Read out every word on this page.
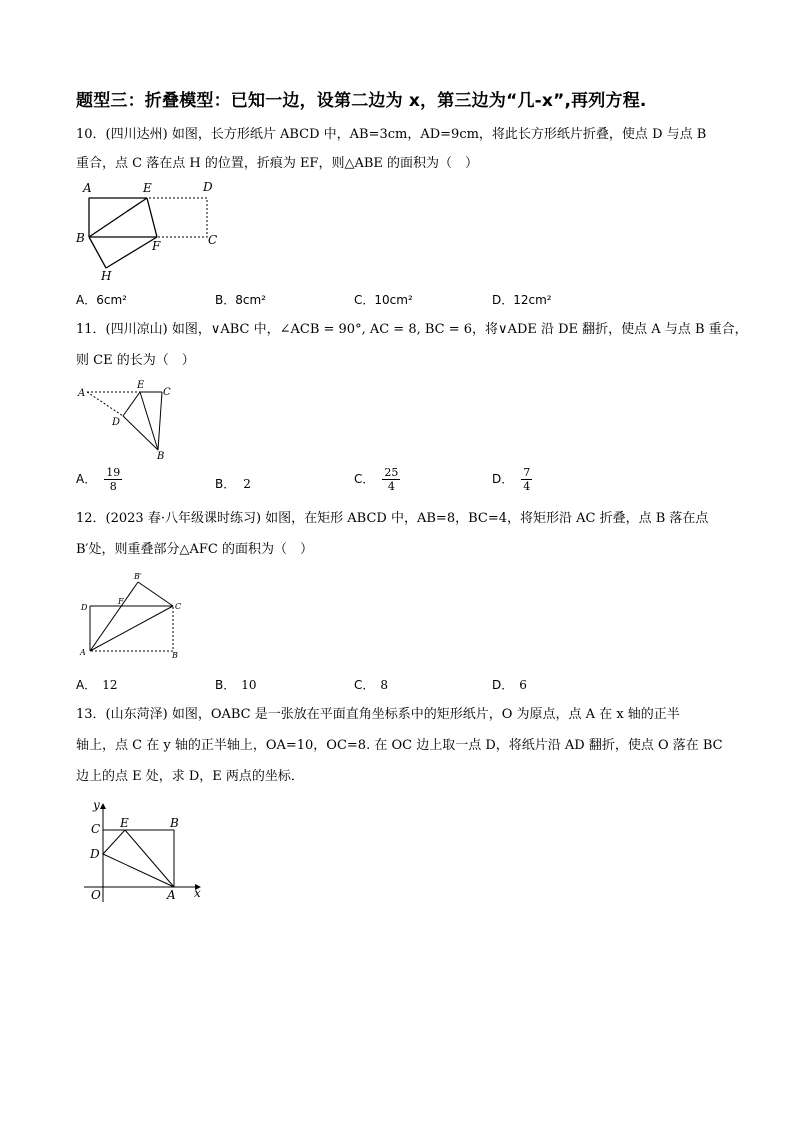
题型三：折叠模型：已知一边，设第二边为 x，第三边为“几-x”,再列方程.
10．(四川达州) 如图，长方形纸片 ABCD 中，AB=3cm，AD=9cm，将此长方形纸片折叠，使点 D 与点 B
重合，点 C 落在点 H 的位置，折痕为 EF，则△ABE 的面积为（　）
A	E	D
B
F	C
H
A．6cm²	B．8cm²	C．10cm²	D．12cm²
11．(四川凉山) 如图，∨ABC 中，∠ACB = 90°, AC = 8, BC = 6，将∨ADE 沿 DE 翻折，使点 A 与点 B 重合，
则 CE 的长为（　）
A
E
C
D
B
A． $\frac{19}{8}$	B． 2	C． $\frac{25}{4}$	D． $\frac{7}{4}$
12．(2023 春·八年级课时练习) 如图，在矩形 ABCD 中，AB=8，BC=4，将矩形沿 AC 折叠，点 B 落在点
B′处，则重叠部分△AFC 的面积为（　）
B′
D
F
C
A	B
A． 12	B． 10	C． 8	D． 6
13．(山东菏泽) 如图，OABC 是一张放在平面直角坐标系中的矩形纸片，O 为原点，点 A 在 x 轴的正半
轴上，点 C 在 y 轴的正半轴上，OA=10，OC=8. 在 OC 边上取一点 D，将纸片沿 AD 翻折，使点 O 落在 BC
边上的点 E 处，求 D，E 两点的坐标．
y
x
C E	B
D
O	A
